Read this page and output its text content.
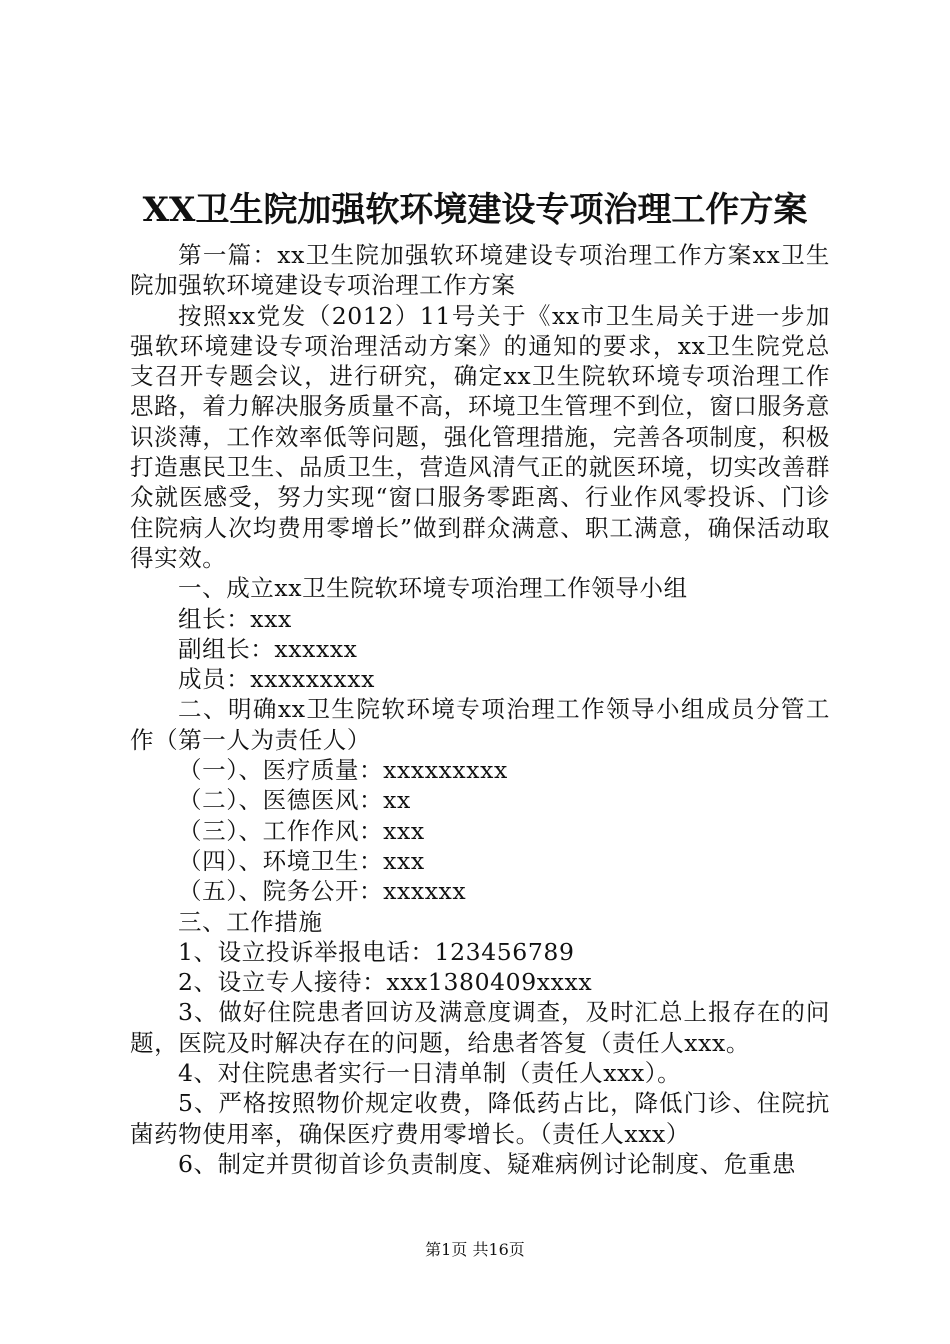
XX卫生院加强软环境建设专项治理工作方案

第一篇：xx卫生院加强软环境建设专项治理工作方案xx卫生院加强软环境建设专项治理工作方案

按照xx党发（2012）11号关于《xx市卫生局关于进一步加强软环境建设专项治理活动方案》的通知的要求，xx卫生院党总支召开专题会议，进行研究，确定xx卫生院软环境专项治理工作思路，着力解决服务质量不高，环境卫生管理不到位，窗口服务意识淡薄，工作效率低等问题，强化管理措施，完善各项制度，积极打造惠民卫生、品质卫生，营造风清气正的就医环境，切实改善群众就医感受，努力实现“窗口服务零距离、行业作风零投诉、门诊住院病人次均费用零增长”做到群众满意、职工满意，确保活动取得实效。

一、成立xx卫生院软环境专项治理工作领导小组

组长：xxx

副组长：xxxxxx

成员：xxxxxxxxx

二、明确xx卫生院软环境专项治理工作领导小组成员分管工作（第一人为责任人）

（一）、医疗质量：xxxxxxxxx

（二）、医德医风：xx

（三）、工作作风：xxx

（四）、环境卫生：xxx

（五）、院务公开：xxxxxx

三、工作措施

1、设立投诉举报电话：123456789

2、设立专人接待：xxx1380409xxxx

3、做好住院患者回访及满意度调查，及时汇总上报存在的问题，医院及时解决存在的问题，给患者答复（责任人xxx。

4、对住院患者实行一日清单制（责任人xxx）。

5、严格按照物价规定收费，降低药占比，降低门诊、住院抗菌药物使用率，确保医疗费用零增长。（责任人xxx）

6、制定并贯彻首诊负责制度、疑难病例讨论制度、危重患

第1页 共16页
